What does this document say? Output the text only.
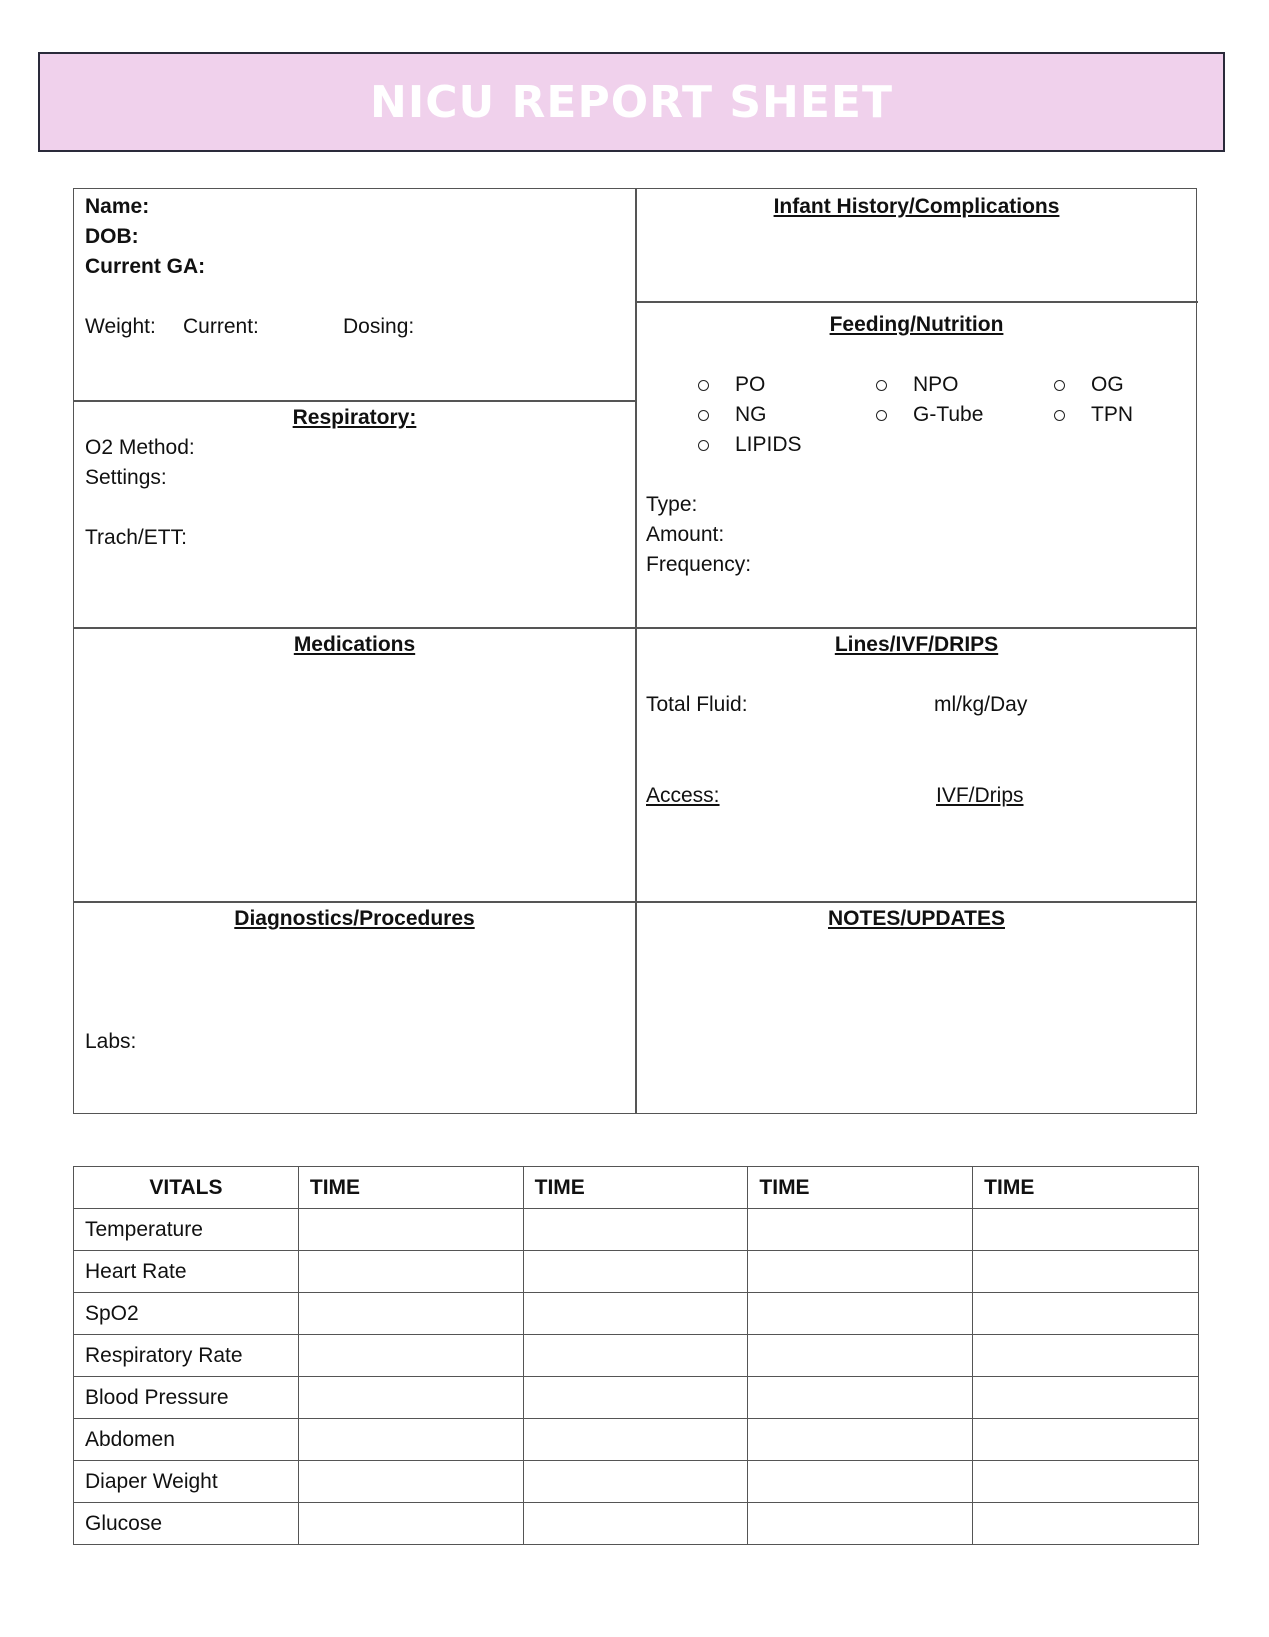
NICU REPORT SHEET
Name:
DOB:
Current GA:
Weight: Current:	Dosing:
Infant History/Complications
Respiratory:
O2 Method:
Settings:
Trach/ETT:
Feeding/Nutrition
PO
NG
LIPIDS
NPO
G-Tube
OG
TPN
Type:
Amount:
Frequency:
Medications	Lines/IVF/DRIPS
Total Fluid:	ml/kg/Day
Access:	IVF/Drips
Diagnostics/Procedures
Labs:
NOTES/UPDATES
VITALS	TIME	TIME	TIME	TIME
Temperature				
Heart Rate				
SpO2				
Respiratory Rate				
Blood Pressure				
Abdomen				
Diaper Weight				
Glucose				
